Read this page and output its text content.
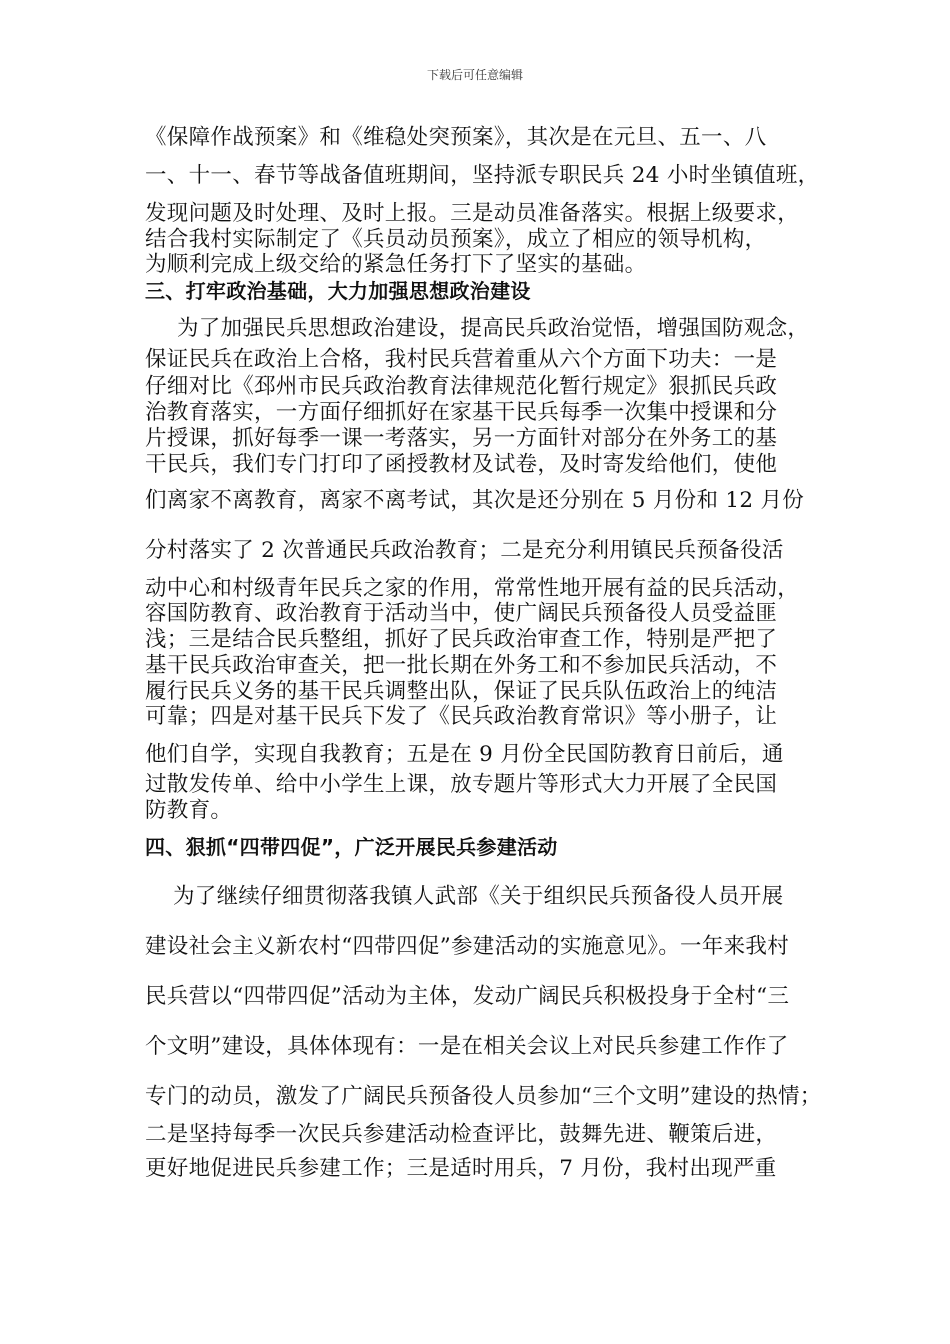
下载后可任意编辑
《保障作战预案》和《维稳处突预案》，其次是在元旦、五一、八
一、十一、春节等战备值班期间，坚持派专职民兵 24 小时坐镇值班，
发现问题及时处理、及时上报。三是动员准备落实。根据上级要求，
结合我村实际制定了《兵员动员预案》，成立了相应的领导机构，
为顺利完成上级交给的紧急任务打下了坚实的基础。
三、打牢政治基础，大力加强思想政治建设
为了加强民兵思想政治建设，提高民兵政治觉悟，增强国防观念，
保证民兵在政治上合格，我村民兵营着重从六个方面下功夫：一是
仔细对比《邳州市民兵政治教育法律规范化暂行规定》狠抓民兵政
治教育落实，一方面仔细抓好在家基干民兵每季一次集中授课和分
片授课，抓好每季一课一考落实，另一方面针对部分在外务工的基
干民兵，我们专门打印了函授教材及试卷，及时寄发给他们，使他
们离家不离教育，离家不离考试，其次是还分别在 5 月份和 12 月份
分村落实了 2 次普通民兵政治教育；二是充分利用镇民兵预备役活
动中心和村级青年民兵之家的作用，常常性地开展有益的民兵活动，
容国防教育、政治教育于活动当中，使广阔民兵预备役人员受益匪
浅；三是结合民兵整组，抓好了民兵政治审查工作，特别是严把了
基干民兵政治审查关，把一批长期在外务工和不参加民兵活动，不
履行民兵义务的基干民兵调整出队，保证了民兵队伍政治上的纯洁
可靠；四是对基干民兵下发了《民兵政治教育常识》等小册子，让
他们自学，实现自我教育；五是在 9 月份全民国防教育日前后，通
过散发传单、给中小学生上课，放专题片等形式大力开展了全民国
防教育。
四、狠抓“四带四促”，广泛开展民兵参建活动
为了继续仔细贯彻落我镇人武部《关于组织民兵预备役人员开展
建设社会主义新农村“四带四促”参建活动的实施意见》。一年来我村
民兵营以“四带四促”活动为主体，发动广阔民兵积极投身于全村“三
个文明”建设，具体体现有：一是在相关会议上对民兵参建工作作了
专门的动员，激发了广阔民兵预备役人员参加“三个文明”建设的热情；
二是坚持每季一次民兵参建活动检查评比，鼓舞先进、鞭策后进，
更好地促进民兵参建工作；三是适时用兵，7 月份，我村出现严重
